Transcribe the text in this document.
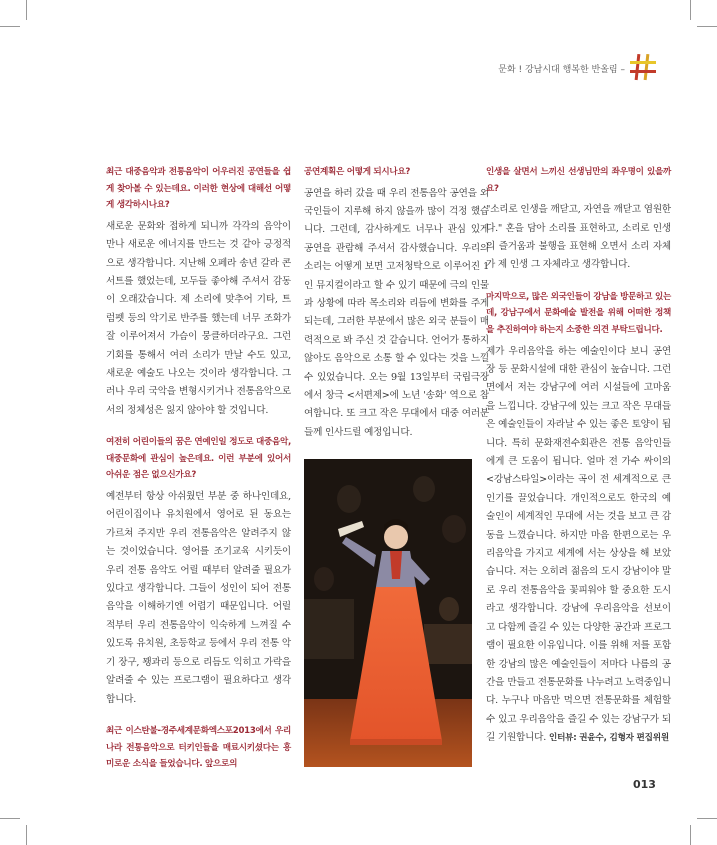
문화 ! 강남시대 행복한 반올림 –

최근 대중음악과 전통음악이 어우러진 공연들을 쉽게 찾아볼 수 있는데요. 이러한 현상에 대해선 어떻게 생각하시나요?

새로운 문화와 접하게 되니까 각각의 음악이 만나 새로운 에너지를 만드는 것 같아 긍정적으로 생각합니다. 지난해 오페라 송년 갈라 콘서트를 했었는데, 모두들 좋아해 주셔서 감동이 오래갔습니다. 제 소리에 맞추어 기타, 트럼펫 등의 악기로 반주를 했는데 너무 조화가 잘 이루어져서 가슴이 뭉클하더라구요. 그런 기회를 통해서 여러 소리가 만날 수도 있고, 새로운 예술도 나오는 것이라 생각합니다. 그러나 우리 국악을 변형시키거나 전통음악으로서의 정체성은 잃지 않아야 할 것입니다.

여전히 어린이들의 꿈은 연예인일 정도로 대중음악, 대중문화에 관심이 높은데요. 이런 부분에 있어서 아쉬운 점은 없으신가요?

예전부터 항상 아쉬웠던 부분 중 하나인데요, 어린이집이나 유치원에서 영어로 된 동요는 가르쳐 주지만 우리 전통음악은 알려주지 않는 것이었습니다. 영어를 조기교육 시키듯이 우리 전통 음악도 어릴 때부터 알려줄 필요가 있다고 생각합니다. 그들이 성인이 되어 전통음악을 이해하기엔 어렵기 때문입니다. 어릴 적부터 우리 전통음악이 익숙하게 느껴질 수 있도록 유치원, 초등학교 등에서 우리 전통 악기 장구, 꽹과리 등으로 리듬도 익히고 가락을 알려줄 수 있는 프로그램이 필요하다고 생각합니다.

최근 이스탄불-경주세계문화엑스포2013에서 우리나라 전통음악으로 터키인들을 매료시키셨다는 흥미로운 소식을 들었습니다. 앞으로의

공연계획은 어떻게 되시나요?

공연을 하러 갔을 때 우리 전통음악 공연을 외국인들이 지루해 하지 않을까 많이 걱정 했습니다. 그런데, 감사하게도 너무나 관심 있게 공연을 관람해 주셔서 감사했습니다. 우리의 소리는 어떻게 보면 고저청탁으로 이루어진 1인 뮤지컬이라고 할 수 있기 때문에 극의 인물과 상황에 따라 목소리와 리듬에 변화를 주게 되는데, 그러한 부분에서 많은 외국 분들이 매력적으로 봐 주신 것 같습니다. 언어가 통하지 않아도 음악으로 소통 할 수 있다는 것을 느낄 수 있었습니다. 오는 9월 13일부터 국립극장에서 창극 <서편제>에 노년 '송화' 역으로 참여합니다. 또 크고 작은 무대에서 대중 여러분들께 인사드릴 예정입니다.

인생을 살면서 느끼신 선생님만의 좌우명이 있을까요?

"소리로 인생을 깨닫고, 자연을 깨닫고 염원한다." 혼을 담아 소리를 표현하고, 소리로 인생의 즐거움과 불행을 표현해 오면서 소리 자체가 제 인생 그 자체라고 생각합니다.

마지막으로, 많은 외국인들이 강남을 방문하고 있는데, 강남구에서 문화예술 발전을 위해 어떠한 정책을 추진하여야 하는지 소중한 의견 부탁드립니다.

제가 우리음악을 하는 예술인이다 보니 공연장 등 문화시설에 대한 관심이 높습니다. 그런 면에서 저는 강남구에 여러 시설들에 고마움을 느낍니다. 강남구에 있는 크고 작은 무대들은 예술인들이 자라날 수 있는 좋은 토양이 됩니다. 특히 문화재전수회관은 전통 음악인들에게 큰 도움이 됩니다. 얼마 전 가수 싸이의 <강남스타일>이라는 곡이 전 세계적으로 큰 인기를 끌었습니다. 개인적으로도 한국의 예술인이 세계적인 무대에 서는 것을 보고 큰 감동을 느꼈습니다. 하지만 마음 한편으로는 우리음악을 가지고 세계에 서는 상상을 해 보았습니다. 저는 오히려 젊음의 도시 강남이야 말로 우리 전통음악을 꽃피워야 할 중요한 도시라고 생각합니다. 강남에 우리음악을 선보이고 다함께 즐길 수 있는 다양한 공간과 프로그램이 필요한 이유입니다. 이를 위해 저를 포함한 강남의 많은 예술인들이 저마다 나름의 공간을 만들고 전통문화를 나누려고 노력중입니다. 누구나 마음만 먹으면 전통문화를 체험할 수 있고 우리음악을 즐길 수 있는 강남구가 되길 기원합니다. 인터뷰: 권윤수, 김형자 편집위원

013
